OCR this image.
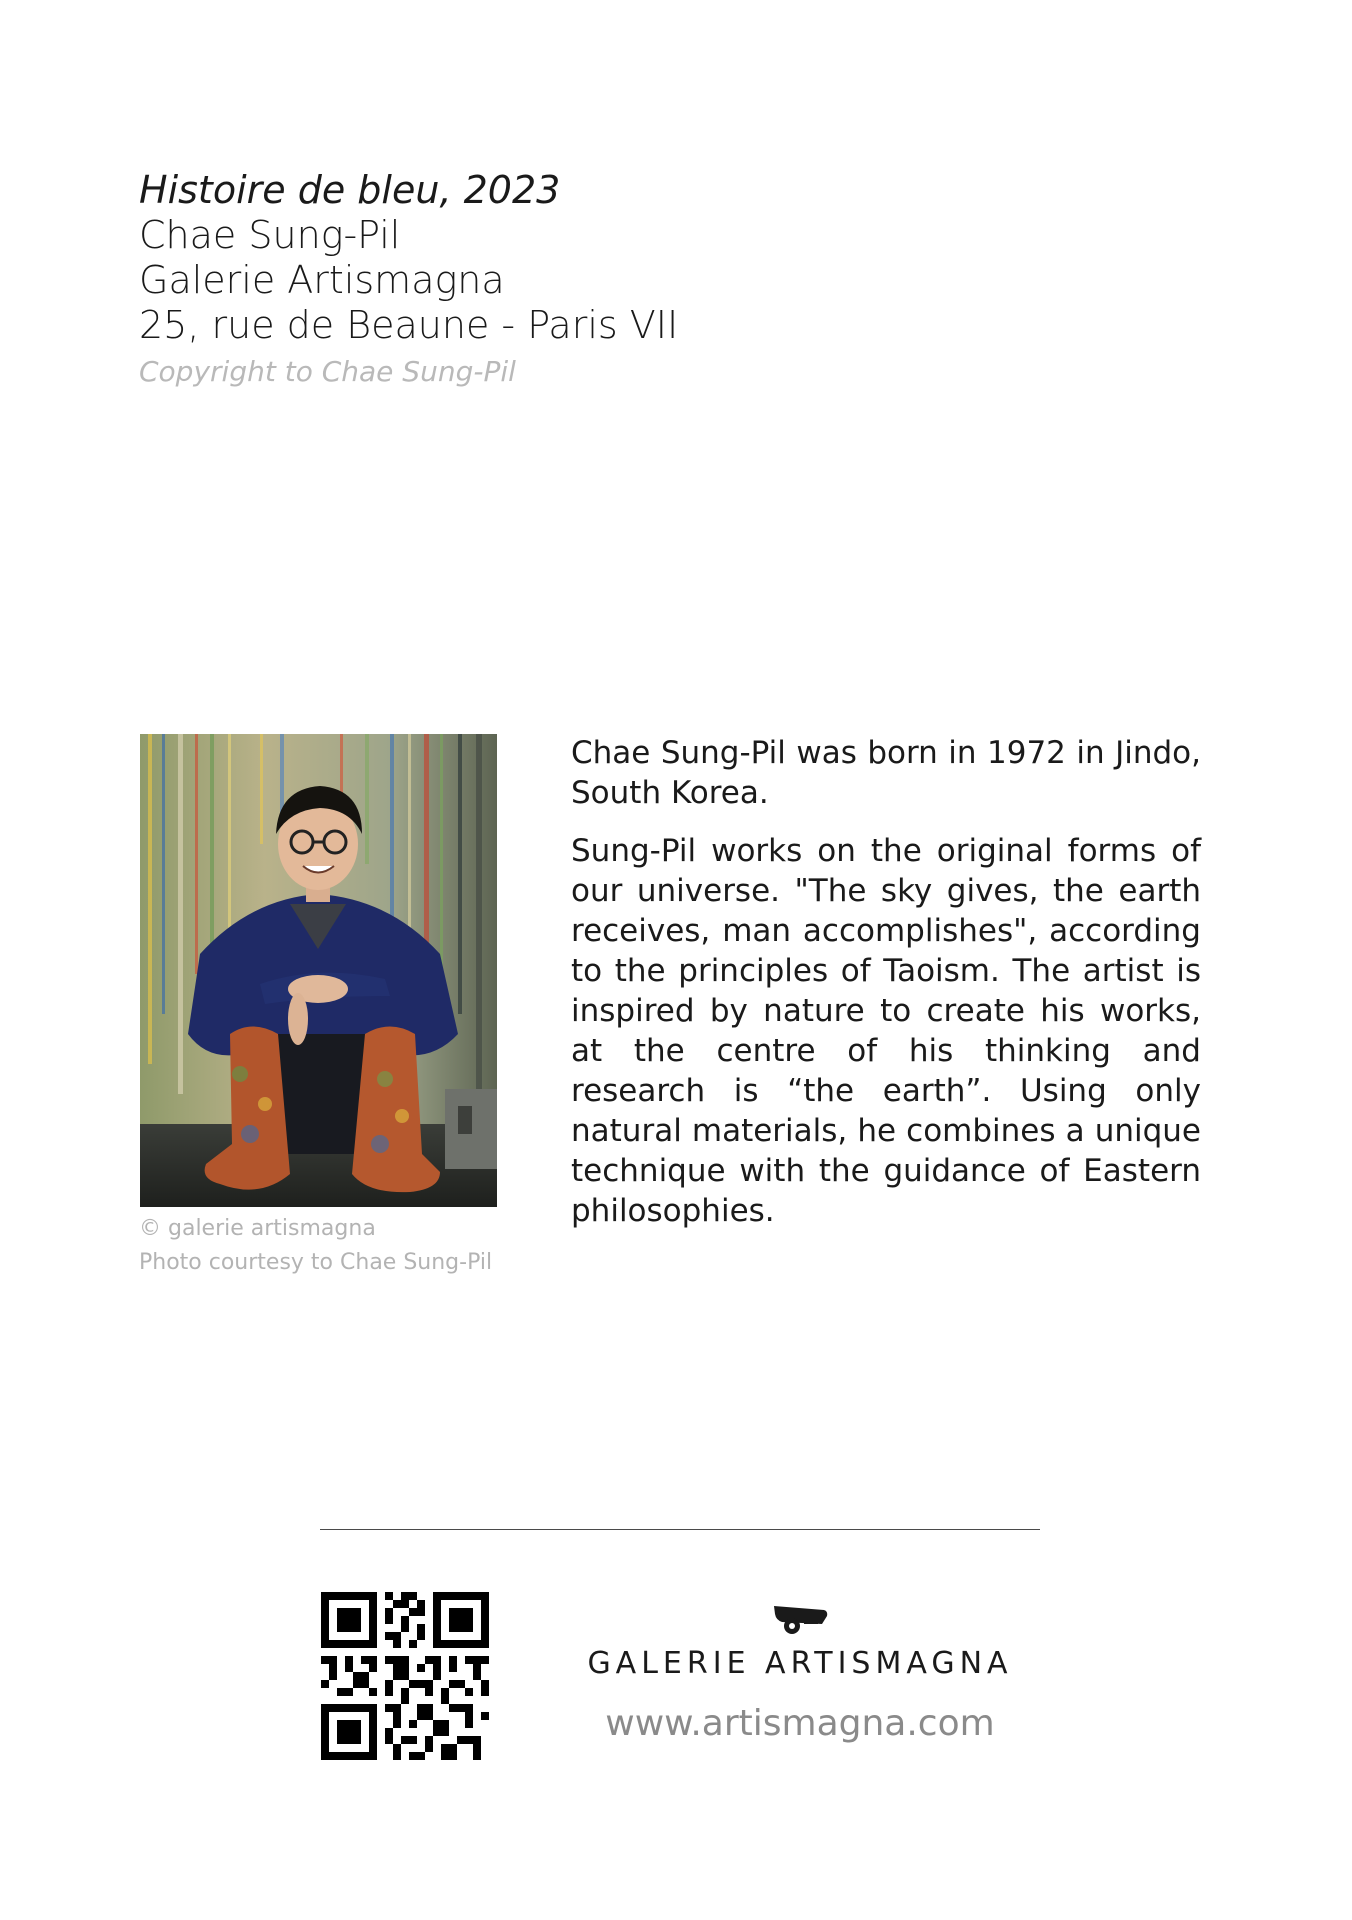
Histoire de bleu, 2023
Chae Sung-Pil
Galerie Artismagna
25, rue de Beaune - Paris VII
Copyright to Chae Sung-Pil
© galerie artismagna
Photo courtesy to Chae Sung-Pil

Chae Sung-Pil was born in 1972 in Jindo, South Korea.

Sung-Pil works on the original forms of our universe. "The sky gives, the earth receives, man accomplishes", according to the principles of Taoism. The artist is inspired by nature to create his works, at the centre of his thinking and research is “the earth”. Using only natural materials, he combines a unique technique with the guidance of Eastern philosophies.

GALERIE ARTISMAGNA
www.artismagna.com
